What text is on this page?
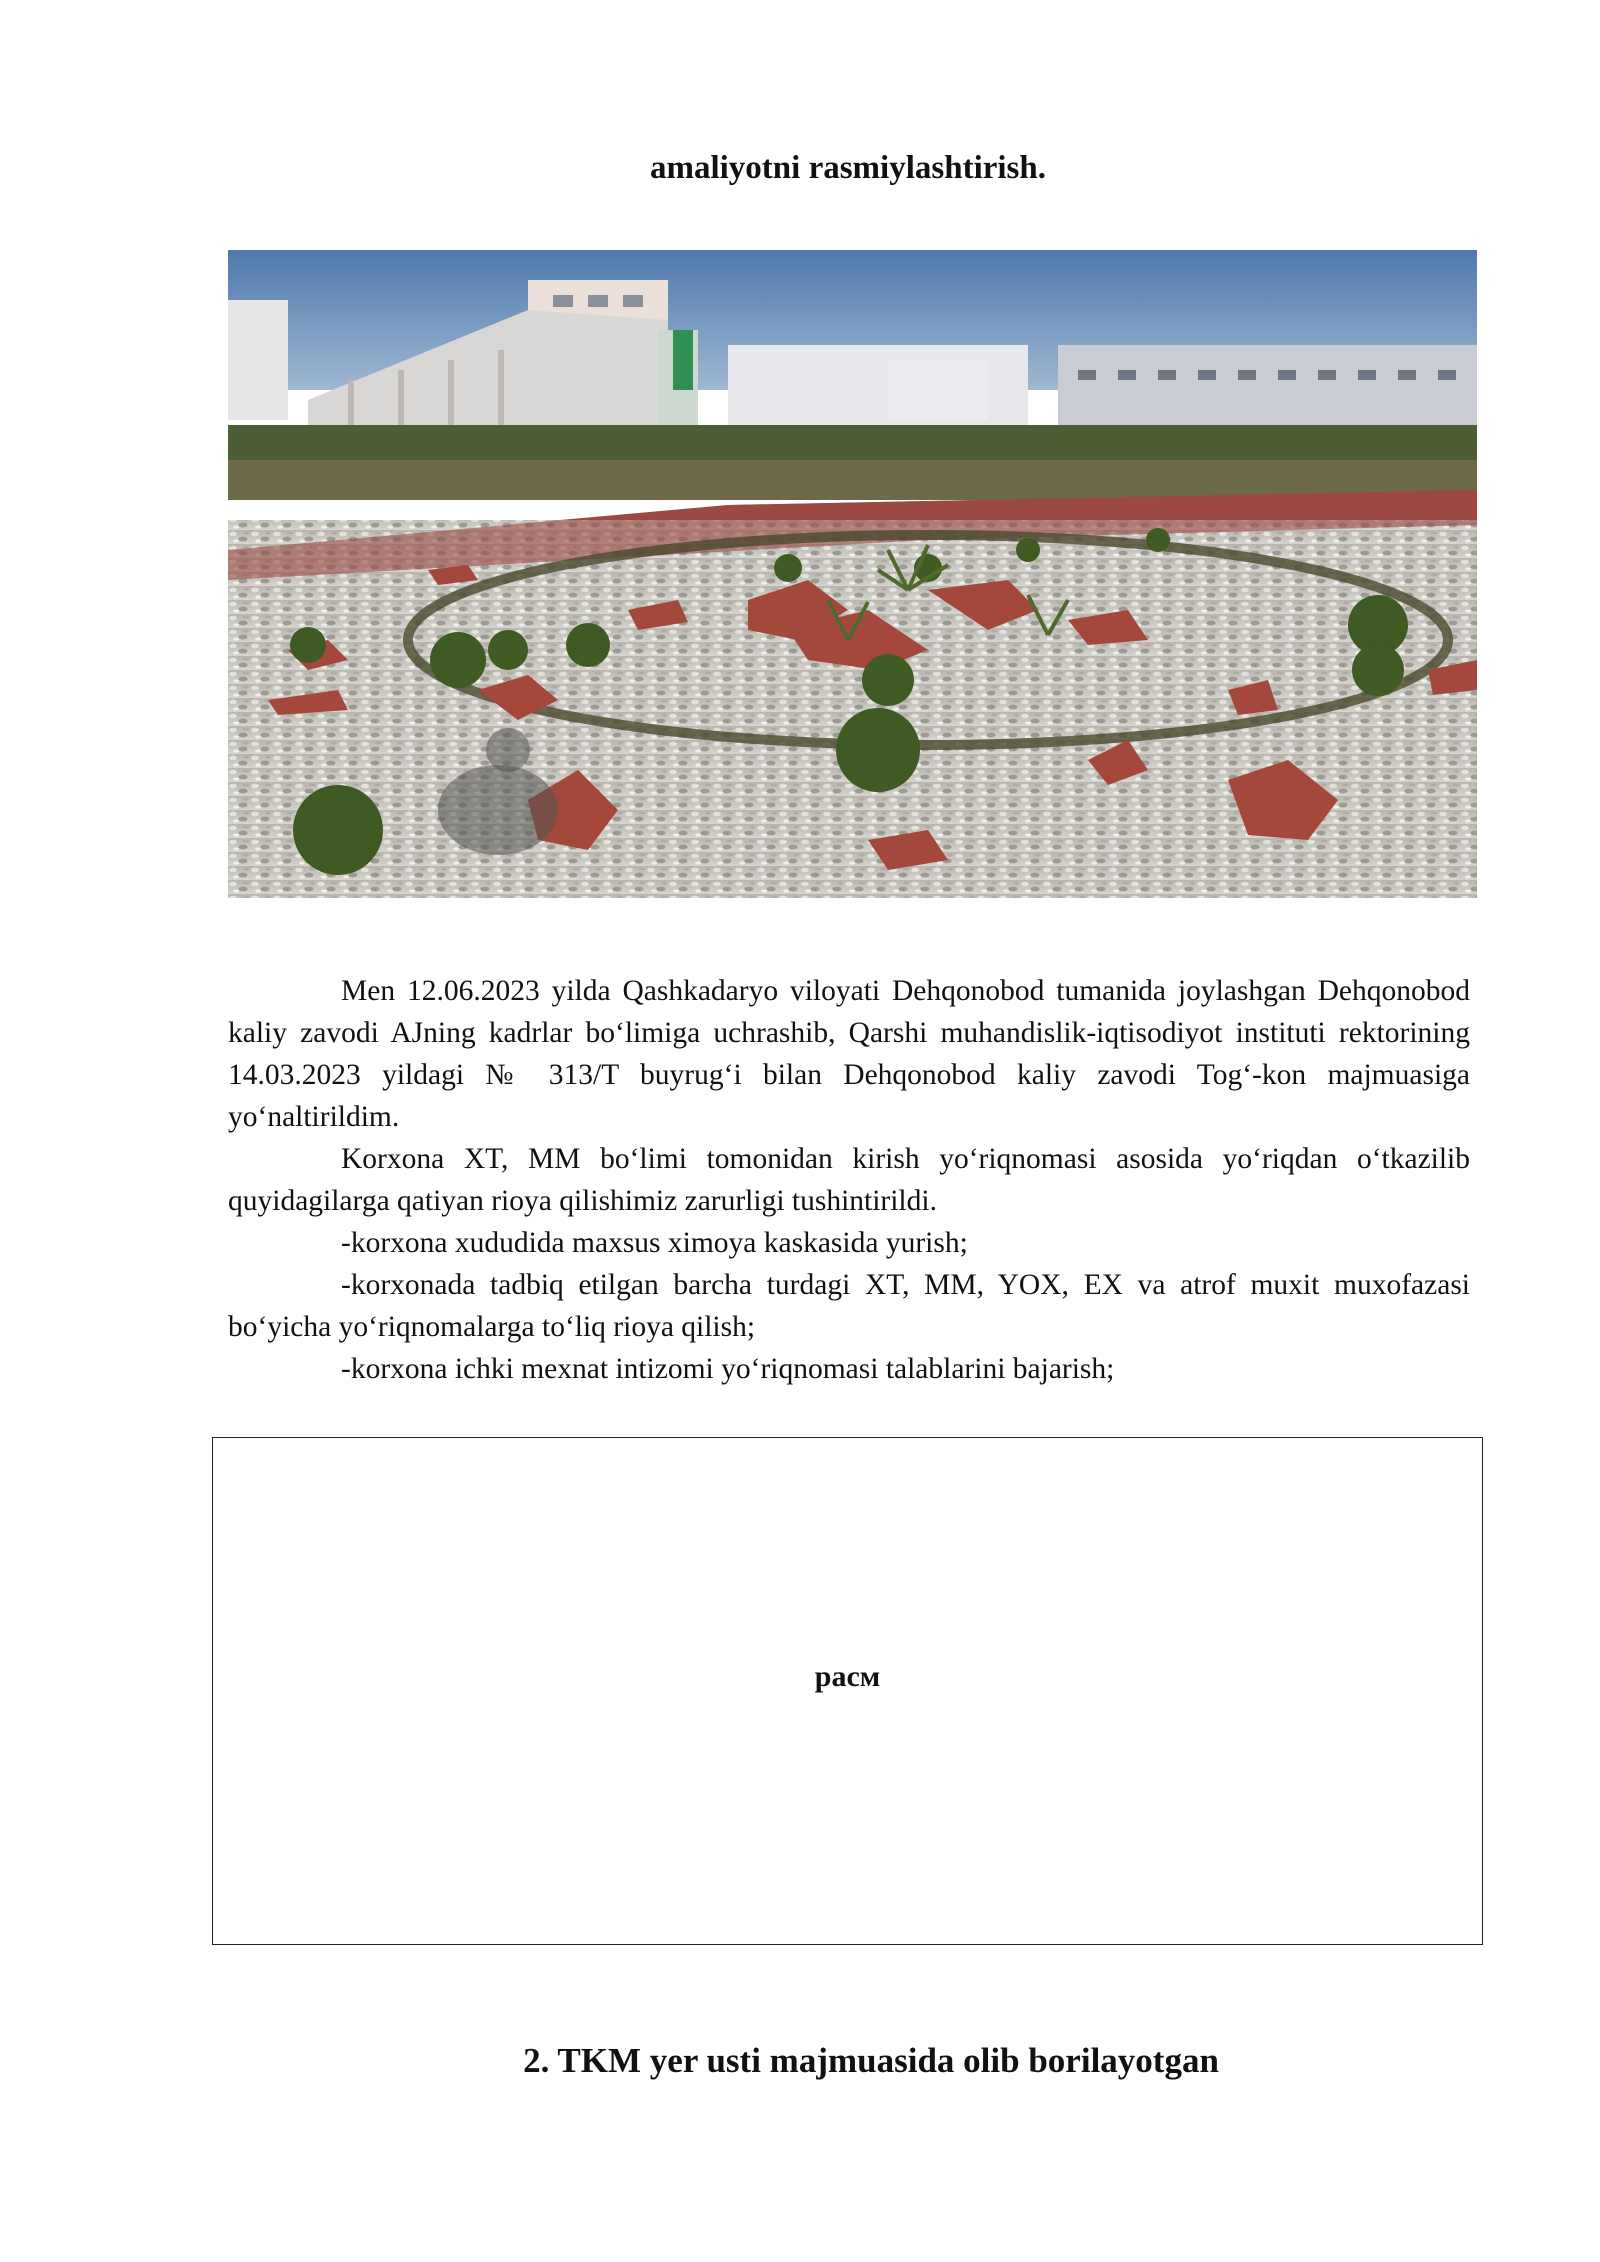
amaliyotni rasmiylashtirish.

Men 12.06.2023 yilda Qashkadaryo viloyati Dehqonobod tumanida joylashgan Dehqonobod kaliy zavodi AJning kadrlar bo‘limiga uchrashib, Qarshi muhandislik-iqtisodiyot instituti rektorining 14.03.2023 yildagi № 313/T buyrug‘i bilan Dehqonobod kaliy zavodi Tog‘-kon majmuasiga yo‘naltirildim.

Korxona XT, MM bo‘limi tomonidan kirish yo‘riqnomasi asosida yo‘riqdan o‘tkazilib quyidagilarga qatiyan rioya qilishimiz zarurligi tushintirildi.

-korxona xududida maxsus ximoya kaskasida yurish;

-korxonada tadbiq etilgan barcha turdagi XT, MM, YOX, EX va atrof muxit muxofazasi bo‘yicha yo‘riqnomalarga to‘liq rioya qilish;

-korxona ichki mexnat intizomi yo‘riqnomasi talablarini bajarish;

расм
2. TKM yer usti majmuasida olib borilayotgan
